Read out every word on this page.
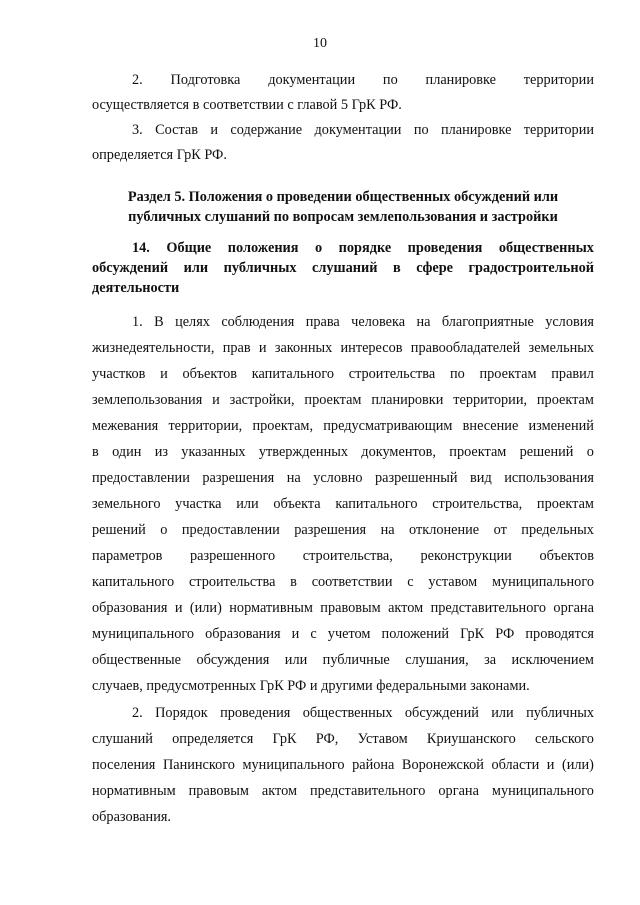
10
2. Подготовка документации по планировке территории
осуществляется в соответствии с главой 5 ГрК РФ.
3. Состав и содержание документации по планировке территории
определяется ГрК РФ.
Раздел 5. Положения о проведении общественных обсуждений или
публичных слушаний по вопросам землепользования и застройки
14. Общие положения о порядке проведения общественных
обсуждений или публичных слушаний в сфере градостроительной
деятельности
1. В целях соблюдения права человека на благоприятные условия
жизнедеятельности, прав и законных интересов правообладателей земельных
участков и объектов капитального строительства по проектам правил
землепользования и застройки, проектам планировки территории, проектам
межевания территории, проектам, предусматривающим внесение изменений
в один из указанных утвержденных документов, проектам решений о
предоставлении разрешения на условно разрешенный вид использования
земельного участка или объекта капитального строительства, проектам
решений о предоставлении разрешения на отклонение от предельных
параметров разрешенного строительства, реконструкции объектов
капитального строительства в соответствии с уставом муниципального
образования и (или) нормативным правовым актом представительного органа
муниципального образования и с учетом положений ГрК РФ проводятся
общественные обсуждения или публичные слушания, за исключением
случаев, предусмотренных ГрК РФ и другими федеральными законами.
2. Порядок проведения общественных обсуждений или публичных
слушаний определяется ГрК РФ, Уставом Криушанского сельского
поселения Панинского муниципального района Воронежской области и (или)
нормативным правовым актом представительного органа муниципального
образования.
